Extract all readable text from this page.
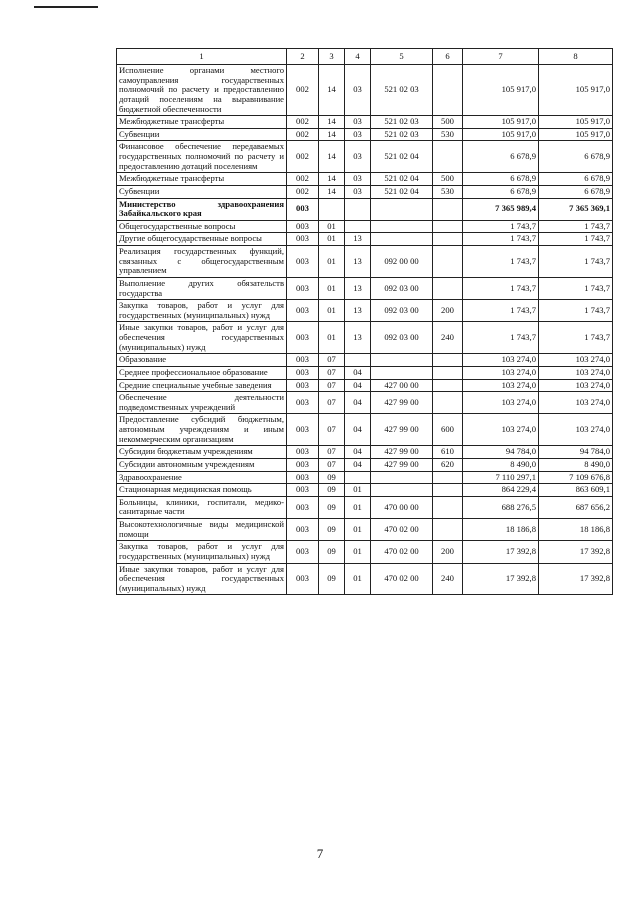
1	2	3	4	5	6	7	8
Исполнение органами местного самоуправления государственных полномочий по расчету и предоставлению дотаций поселениям на выравнивание бюджетной обеспеченности	002	14	03	521 02 03		105 917,0	105 917,0
Межбюджетные трансферты	002	14	03	521 02 03	500	105 917,0	105 917,0
Субвенции	002	14	03	521 02 03	530	105 917,0	105 917,0
Финансовое обеспечение передаваемых государственных полномочий по расчету и предоставлению дотаций поселениям	002	14	03	521 02 04		6 678,9	6 678,9
Межбюджетные трансферты	002	14	03	521 02 04	500	6 678,9	6 678,9
Субвенции	002	14	03	521 02 04	530	6 678,9	6 678,9
Министерство здравоохранения Забайкальского края	003					7 365 989,4	7 365 369,1
Общегосударственные вопросы	003	01				1 743,7	1 743,7
Другие общегосударственные вопросы	003	01	13			1 743,7	1 743,7
Реализация государственных функций, связанных с общегосударственным управлением	003	01	13	092 00 00		1 743,7	1 743,7
Выполнение других обязательств государства	003	01	13	092 03 00		1 743,7	1 743,7
Закупка товаров, работ и услуг для государственных (муниципальных) нужд	003	01	13	092 03 00	200	1 743,7	1 743,7
Иные закупки товаров, работ и услуг для обеспечения государственных (муниципальных) нужд	003	01	13	092 03 00	240	1 743,7	1 743,7
Образование	003	07				103 274,0	103 274,0
Среднее профессиональное образование	003	07	04			103 274,0	103 274,0
Средние специальные учебные заведения	003	07	04	427 00 00		103 274,0	103 274,0
Обеспечение деятельности подведомственных учреждений	003	07	04	427 99 00		103 274,0	103 274,0
Предоставление субсидий бюджетным, автономным учреждениям и иным некоммерческим организациям	003	07	04	427 99 00	600	103 274,0	103 274,0
Субсидии бюджетным учреждениям	003	07	04	427 99 00	610	94 784,0	94 784,0
Субсидии автономным учреждениям	003	07	04	427 99 00	620	8 490,0	8 490,0
Здравоохранение	003	09				7 110 297,1	7 109 676,8
Стационарная медицинская помощь	003	09	01			864 229,4	863 609,1
Больницы, клиники, госпитали, медико-санитарные части	003	09	01	470 00 00		688 276,5	687 656,2
Высокотехнологичные виды медицинской помощи	003	09	01	470 02 00		18 186,8	18 186,8
Закупка товаров, работ и услуг для государственных (муниципальных) нужд	003	09	01	470 02 00	200	17 392,8	17 392,8
Иные закупки товаров, работ и услуг для обеспечения государственных (муниципальных) нужд	003	09	01	470 02 00	240	17 392,8	17 392,8
7
